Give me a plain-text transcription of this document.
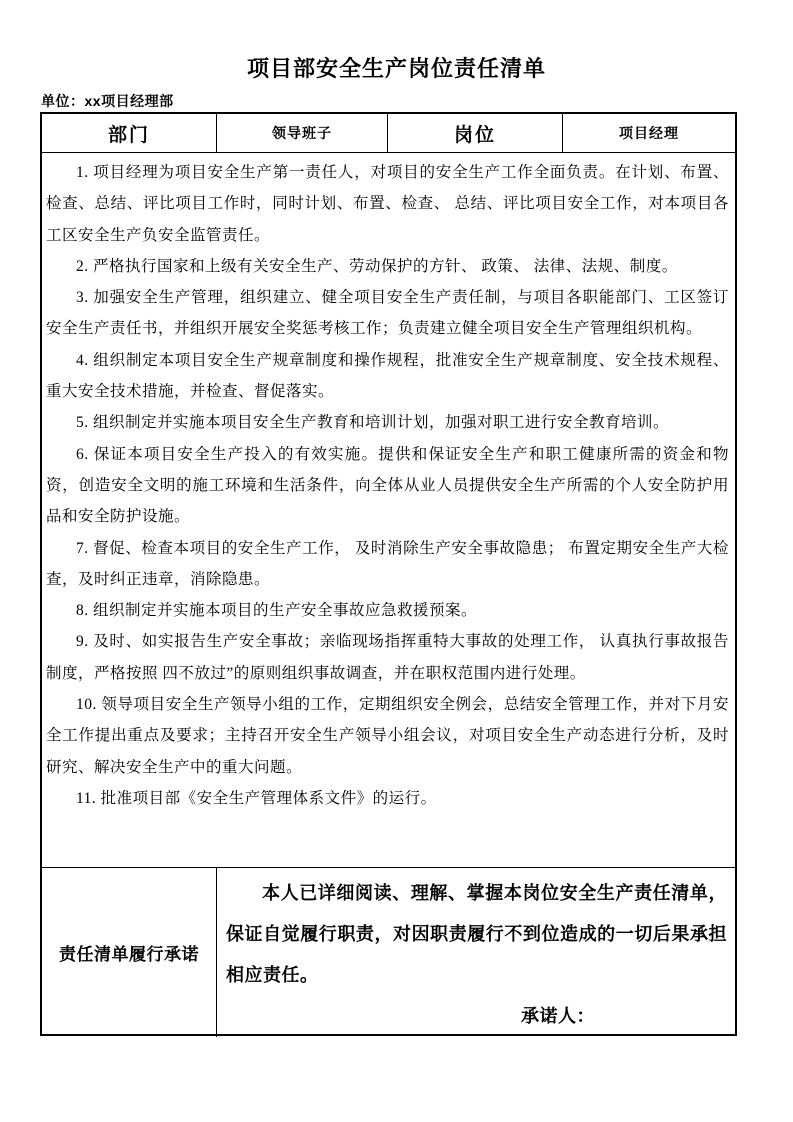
项目部安全生产岗位责任清单
单位：xx项目经理部
部门	领导班子	岗位	项目经理

1. 项目经理为项目安全生产第一责任人，对项目的安全生产工作全面负责。在计划、布置、检查、总结、评比项目工作时，同时计划、布置、检查、 总结、评比项目安全工作，对本项目各工区安全生产负安全监管责任。

2. 严格执行国家和上级有关安全生产、劳动保护的方针、 政策、 法律、法规、制度。

3. 加强安全生产管理，组织建立、健全项目安全生产责任制，与项目各职能部门、工区签订安全生产责任书，并组织开展安全奖惩考核工作；负责建立健全项目安全生产管理组织机构。

4. 组织制定本项目安全生产规章制度和操作规程，批准安全生产规章制度、安全技术规程、重大安全技术措施，并检查、督促落实。

5. 组织制定并实施本项目安全生产教育和培训计划，加强对职工进行安全教育培训。

6. 保证本项目安全生产投入的有效实施。提供和保证安全生产和职工健康所需的资金和物资，创造安全文明的施工环境和生活条件，向全体从业人员提供安全生产所需的个人安全防护用品和安全防护设施。

7. 督促、检查本项目的安全生产工作， 及时消除生产安全事故隐患； 布置定期安全生产大检查，及时纠正违章，消除隐患。

8. 组织制定并实施本项目的生产安全事故应急救援预案。

9. 及时、如实报告生产安全事故；亲临现场指挥重特大事故的处理工作， 认真执行事故报告制度，严格按照 四不放过”的原则组织事故调查，并在职权范围内进行处理。

10. 领导项目安全生产领导小组的工作，定期组织安全例会，总结安全管理工作，并对下月安全工作提出重点及要求；主持召开安全生产领导小组会议，对项目安全生产动态进行分析，及时研究、解决安全生产中的重大问题。

11. 批准项目部《安全生产管理体系文件》的运行。

责任清单履行承诺

本人已详细阅读、理解、掌握本岗位安全生产责任清单，保证自觉履行职责，对因职责履行不到位造成的一切后果承担相应责任。

承诺人：
